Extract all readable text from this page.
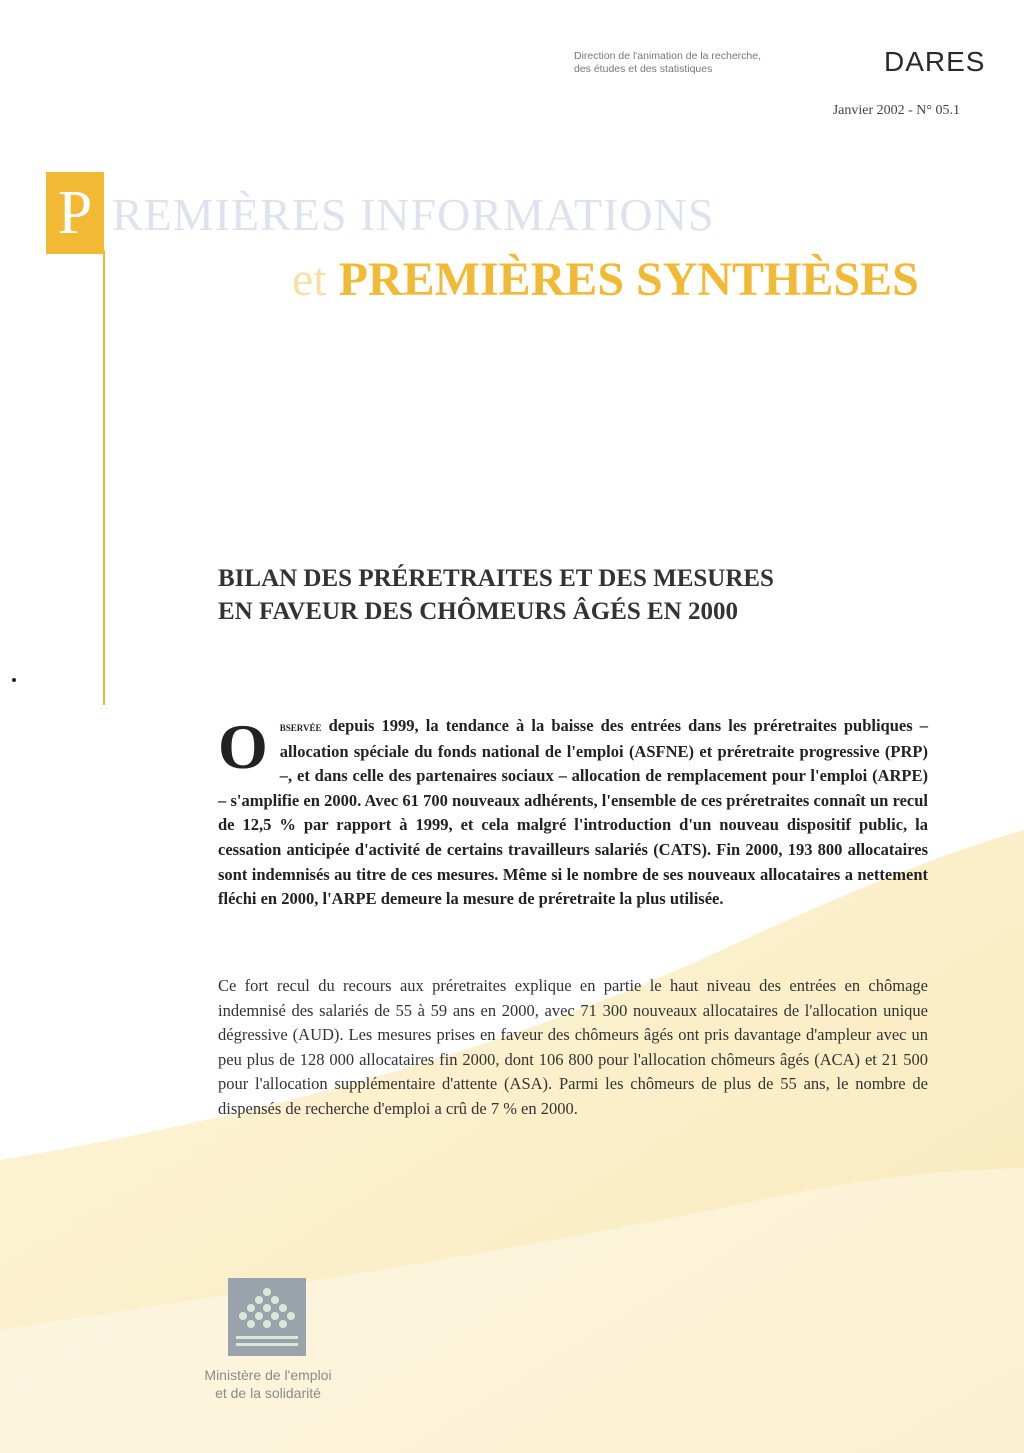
Direction de l'animation de la recherche,
des études et des statistiques	DARES
Janvier 2002 - N° 05.1
P REMIÈRES INFORMATIONS
et PREMIÈRES SYNTHÈSES
BILAN DES PRÉRETRAITES ET DES MESURES
EN FAVEUR DES CHÔMEURS ÂGÉS EN 2000
Observée depuis 1999, la tendance à la baisse des entrées dans les préretraites publiques – allocation spéciale du fonds national de l'emploi (ASFNE) et préretraite progressive (PRP) –, et dans celle des partenaires sociaux – allocation de remplacement pour l'emploi (ARPE) – s'amplifie en 2000. Avec 61 700 nouveaux adhérents, l'ensemble de ces préretraites connaît un recul de 12,5 % par rapport à 1999, et cela malgré l'introduction d'un nouveau dispositif public, la cessation anticipée d'activité de certains travailleurs salariés (CATS). Fin 2000, 193 800 allocataires sont indemnisés au titre de ces mesures. Même si le nombre de ses nouveaux allocataires a nettement fléchi en 2000, l'ARPE demeure la mesure de préretraite la plus utilisée.
Ce fort recul du recours aux préretraites explique en partie le haut niveau des entrées en chômage indemnisé des salariés de 55 à 59 ans en 2000, avec 71 300 nouveaux allocataires de l'allocation unique dégressive (AUD). Les mesures prises en faveur des chômeurs âgés ont pris davantage d'ampleur avec un peu plus de 128 000 allocataires fin 2000, dont 106 800 pour l'allocation chômeurs âgés (ACA) et 21 500 pour l'allocation supplémentaire d'attente (ASA). Parmi les chômeurs de plus de 55 ans, le nombre de dispensés de recherche d'emploi a crû de 7 % en 2000.
Ministère de l'emploi
et de la solidarité
